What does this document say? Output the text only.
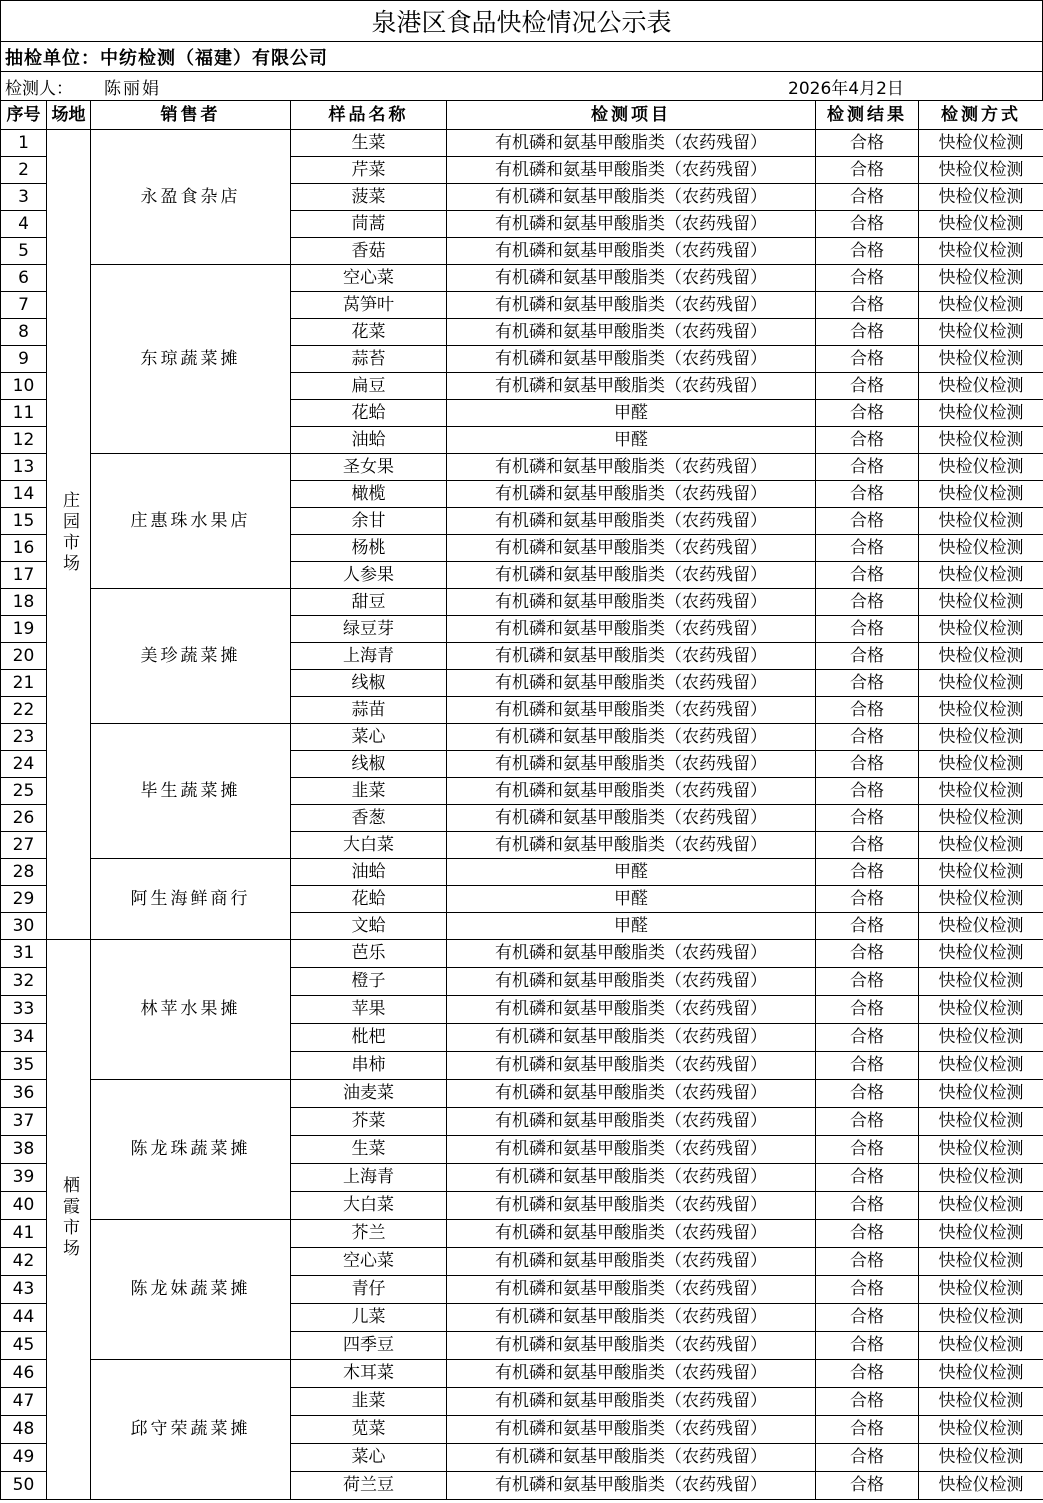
泉港区食品快检情况公示表
抽检单位：中纺检测（福建）有限公司
检测人： 陈丽娟	2026年4月2日
序号	场地	销售者	样品名称	检测项目	检测结果	检测方式
1	庄园市场	永盈食杂店	生菜	有机磷和氨基甲酸脂类（农药残留）	合格	快检仪检测
2			芹菜	有机磷和氨基甲酸脂类（农药残留）	合格	快检仪检测
3			菠菜	有机磷和氨基甲酸脂类（农药残留）	合格	快检仪检测
4			茼蒿	有机磷和氨基甲酸脂类（农药残留）	合格	快检仪检测
5			香菇	有机磷和氨基甲酸脂类（农药残留）	合格	快检仪检测
6		东琼蔬菜摊	空心菜	有机磷和氨基甲酸脂类（农药残留）	合格	快检仪检测
7			莴笋叶	有机磷和氨基甲酸脂类（农药残留）	合格	快检仪检测
8			花菜	有机磷和氨基甲酸脂类（农药残留）	合格	快检仪检测
9			蒜苔	有机磷和氨基甲酸脂类（农药残留）	合格	快检仪检测
10			扁豆	有机磷和氨基甲酸脂类（农药残留）	合格	快检仪检测
11			花蛤	甲醛	合格	快检仪检测
12			油蛤	甲醛	合格	快检仪检测
13		庄惠珠水果店	圣女果	有机磷和氨基甲酸脂类（农药残留）	合格	快检仪检测
14			橄榄	有机磷和氨基甲酸脂类（农药残留）	合格	快检仪检测
15			余甘	有机磷和氨基甲酸脂类（农药残留）	合格	快检仪检测
16			杨桃	有机磷和氨基甲酸脂类（农药残留）	合格	快检仪检测
17			人参果	有机磷和氨基甲酸脂类（农药残留）	合格	快检仪检测
18		美珍蔬菜摊	甜豆	有机磷和氨基甲酸脂类（农药残留）	合格	快检仪检测
19			绿豆芽	有机磷和氨基甲酸脂类（农药残留）	合格	快检仪检测
20			上海青	有机磷和氨基甲酸脂类（农药残留）	合格	快检仪检测
21			线椒	有机磷和氨基甲酸脂类（农药残留）	合格	快检仪检测
22			蒜苗	有机磷和氨基甲酸脂类（农药残留）	合格	快检仪检测
23		毕生蔬菜摊	菜心	有机磷和氨基甲酸脂类（农药残留）	合格	快检仪检测
24			线椒	有机磷和氨基甲酸脂类（农药残留）	合格	快检仪检测
25			韭菜	有机磷和氨基甲酸脂类（农药残留）	合格	快检仪检测
26			香葱	有机磷和氨基甲酸脂类（农药残留）	合格	快检仪检测
27			大白菜	有机磷和氨基甲酸脂类（农药残留）	合格	快检仪检测
28		阿生海鲜商行	油蛤	甲醛	合格	快检仪检测
29			花蛤	甲醛	合格	快检仪检测
30			文蛤	甲醛	合格	快检仪检测
31	栖霞市场	林苹水果摊	芭乐	有机磷和氨基甲酸脂类（农药残留）	合格	快检仪检测
32			橙子	有机磷和氨基甲酸脂类（农药残留）	合格	快检仪检测
33			苹果	有机磷和氨基甲酸脂类（农药残留）	合格	快检仪检测
34			枇杷	有机磷和氨基甲酸脂类（农药残留）	合格	快检仪检测
35			串柿	有机磷和氨基甲酸脂类（农药残留）	合格	快检仪检测
36		陈龙珠蔬菜摊	油麦菜	有机磷和氨基甲酸脂类（农药残留）	合格	快检仪检测
37			芥菜	有机磷和氨基甲酸脂类（农药残留）	合格	快检仪检测
38			生菜	有机磷和氨基甲酸脂类（农药残留）	合格	快检仪检测
39			上海青	有机磷和氨基甲酸脂类（农药残留）	合格	快检仪检测
40			大白菜	有机磷和氨基甲酸脂类（农药残留）	合格	快检仪检测
41		陈龙妹蔬菜摊	芥兰	有机磷和氨基甲酸脂类（农药残留）	合格	快检仪检测
42			空心菜	有机磷和氨基甲酸脂类（农药残留）	合格	快检仪检测
43			青仔	有机磷和氨基甲酸脂类（农药残留）	合格	快检仪检测
44			儿菜	有机磷和氨基甲酸脂类（农药残留）	合格	快检仪检测
45			四季豆	有机磷和氨基甲酸脂类（农药残留）	合格	快检仪检测
46		邱守荣蔬菜摊	木耳菜	有机磷和氨基甲酸脂类（农药残留）	合格	快检仪检测
47			韭菜	有机磷和氨基甲酸脂类（农药残留）	合格	快检仪检测
48			苋菜	有机磷和氨基甲酸脂类（农药残留）	合格	快检仪检测
49			菜心	有机磷和氨基甲酸脂类（农药残留）	合格	快检仪检测
50			荷兰豆	有机磷和氨基甲酸脂类（农药残留）	合格	快检仪检测
